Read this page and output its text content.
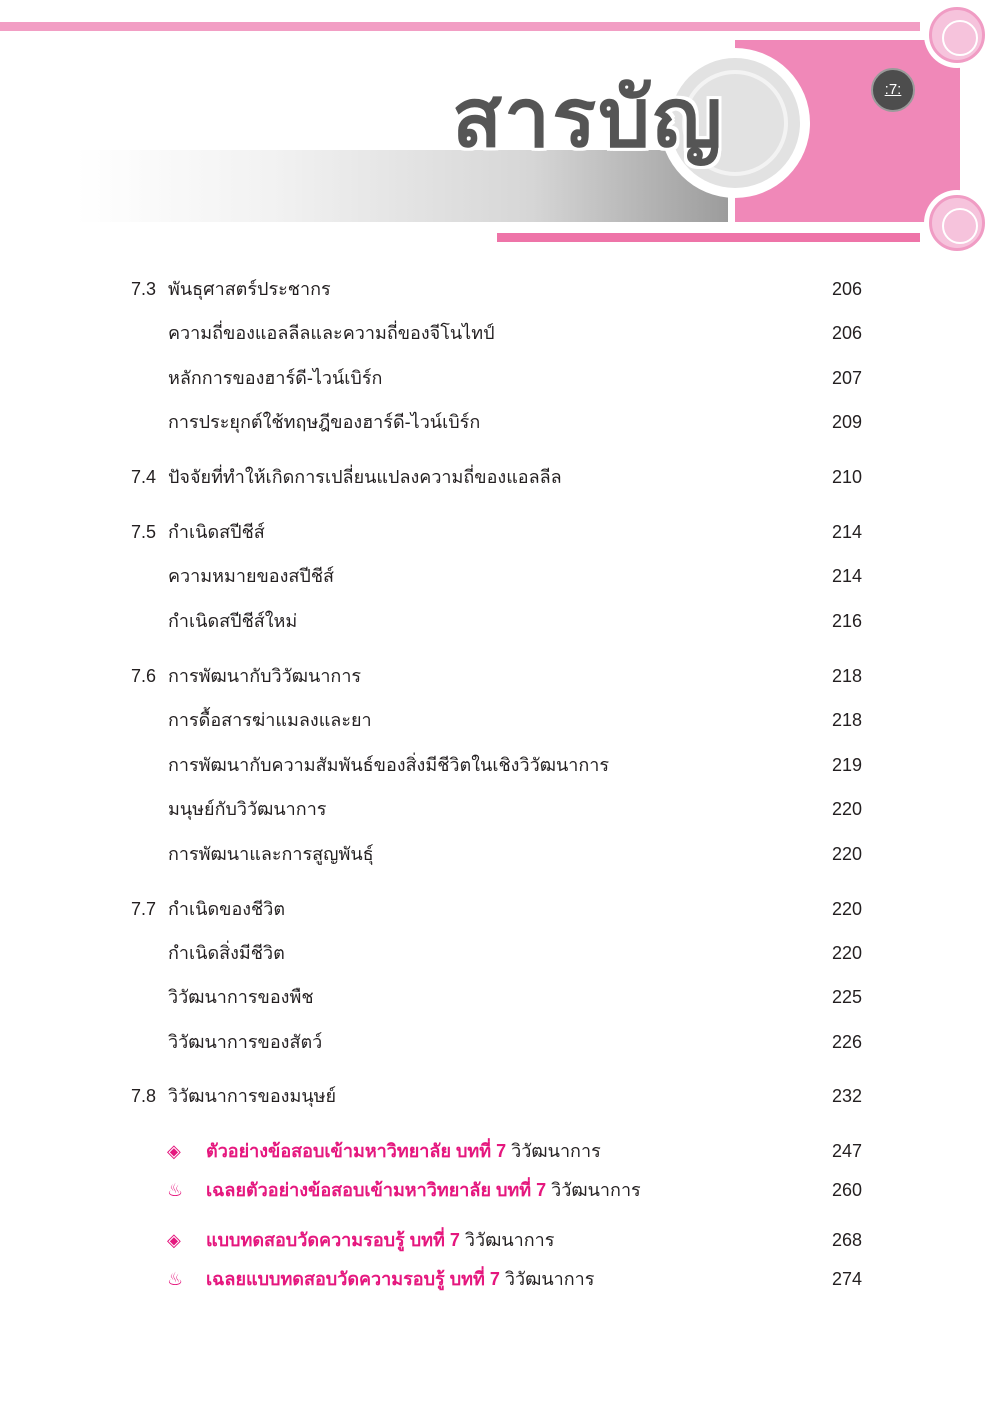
สารบัญ	:7:
7.3 พันธุศาสตร์ประชากร	206
ความถี่ของแอลลีลและความถี่ของจีโนไทป์	206
หลักการของฮาร์ดี-ไวน์เบิร์ก	207
การประยุกต์ใช้ทฤษฎีของฮาร์ดี-ไวน์เบิร์ก	209
7.4 ปัจจัยที่ทำให้เกิดการเปลี่ยนแปลงความถี่ของแอลลีล	210
7.5 กำเนิดสปีชีส์	214
ความหมายของสปีชีส์	214
กำเนิดสปีชีส์ใหม่	216
7.6 การพัฒนากับวิวัฒนาการ	218
การดื้อสารฆ่าแมลงและยา	218
การพัฒนากับความสัมพันธ์ของสิ่งมีชีวิตในเชิงวิวัฒนาการ	219
มนุษย์กับวิวัฒนาการ	220
การพัฒนาและการสูญพันธุ์	220
7.7 กำเนิดของชีวิต	220
กำเนิดสิ่งมีชีวิต	220
วิวัฒนาการของพืช	225
วิวัฒนาการของสัตว์	226
7.8 วิวัฒนาการของมนุษย์	232
◈ ตัวอย่างข้อสอบเข้ามหาวิทยาลัย บทที่ 7 วิวัฒนาการ	247
♨ เฉลยตัวอย่างข้อสอบเข้ามหาวิทยาลัย บทที่ 7 วิวัฒนาการ	260
◈ แบบทดสอบวัดความรอบรู้ บทที่ 7 วิวัฒนาการ	268
♨ เฉลยแบบทดสอบวัดความรอบรู้ บทที่ 7 วิวัฒนาการ	274
